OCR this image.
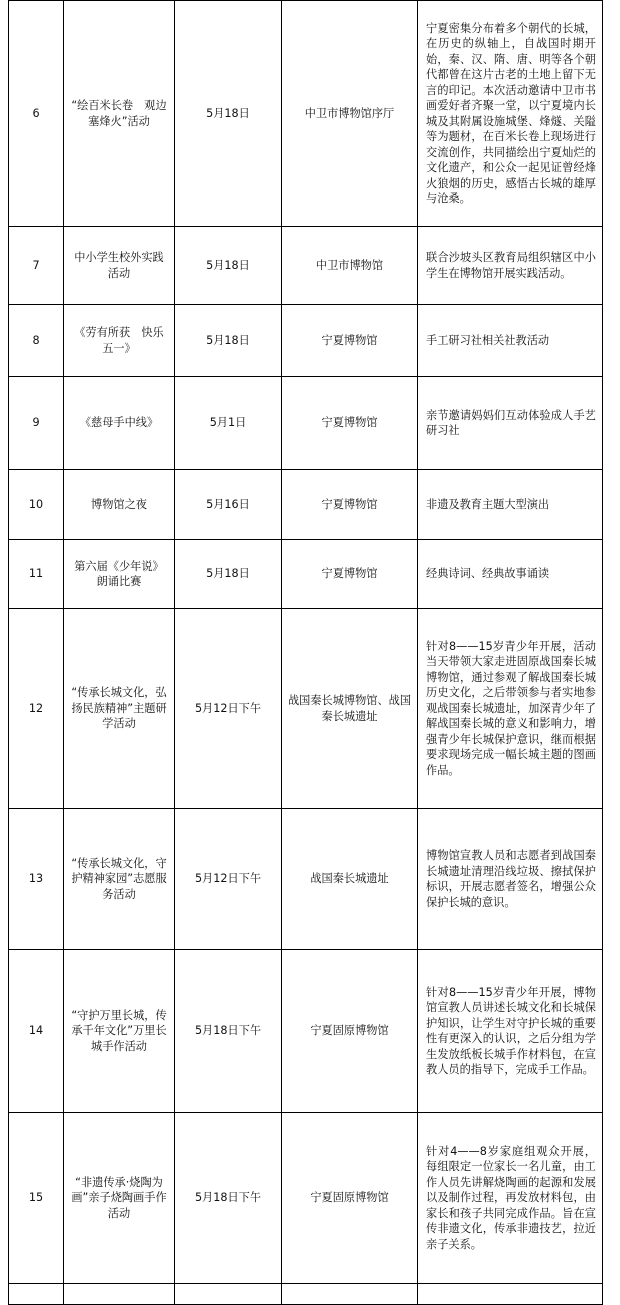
6	“绘百米长卷　观边塞烽火”活动	5月18日	中卫市博物馆序厅	宁夏密集分布着多个朝代的长城，在历史的纵轴上，自战国时期开始，秦、汉、隋、唐、明等各个朝代都曾在这片古老的土地上留下无言的印记。本次活动邀请中卫市书画爱好者齐聚一堂，以宁夏境内长城及其附属设施城堡、烽燧、关隘等为题材，在百米长卷上现场进行交流创作，共同描绘出宁夏灿烂的文化遗产，和公众一起见证曾经烽火狼烟的历史，感悟古长城的雄厚与沧桑。

7	中小学生校外实践活动	5月18日	中卫市博物馆	联合沙坡头区教育局组织辖区中小学生在博物馆开展实践活动。

8	《劳有所获　快乐五一》	5月18日	宁夏博物馆	手工研习社相关社教活动

9	《慈母手中线》	5月1日	宁夏博物馆	亲节邀请妈妈们互动体验成人手艺研习社

10	博物馆之夜	5月16日	宁夏博物馆	非遗及教育主题大型演出

11	第六届《少年说》朗诵比赛	5月18日	宁夏博物馆	经典诗词、经典故事诵读

12	“传承长城文化，弘扬民族精神”主题研学活动	5月12日下午	战国秦长城博物馆、战国秦长城遗址	针对8——15岁青少年开展，活动当天带领大家走进固原战国秦长城博物馆，通过参观了解战国秦长城历史文化，之后带领参与者实地参观战国秦长城遗址，加深青少年了解战国秦长城的意义和影响力，增强青少年长城保护意识，继而根据要求现场完成一幅长城主题的图画作品。

13	“传承长城文化，守护精神家园”志愿服务活动	5月12日下午	战国秦长城遗址	博物馆宣教人员和志愿者到战国秦长城遗址清理沿线垃圾、擦拭保护标识，开展志愿者签名，增强公众保护长城的意识。

14	“守护万里长城，传承千年文化”万里长城手作活动	5月18日下午	宁夏固原博物馆	针对8——15岁青少年开展，博物馆宣教人员讲述长城文化和长城保护知识，让学生对守护长城的重要性有更深入的认识，之后分组为学生发放纸板长城手作材料包，在宣教人员的指导下，完成手工作品。

15	“非遗传承·烧陶为画”亲子烧陶画手作活动	5月18日下午	宁夏固原博物馆	针对4——8岁家庭组观众开展，每组限定一位家长一名儿童，由工作人员先讲解烧陶画的起源和发展以及制作过程，再发放材料包，由家长和孩子共同完成作品。旨在宣传非遗文化，传承非遗技艺，拉近亲子关系。
